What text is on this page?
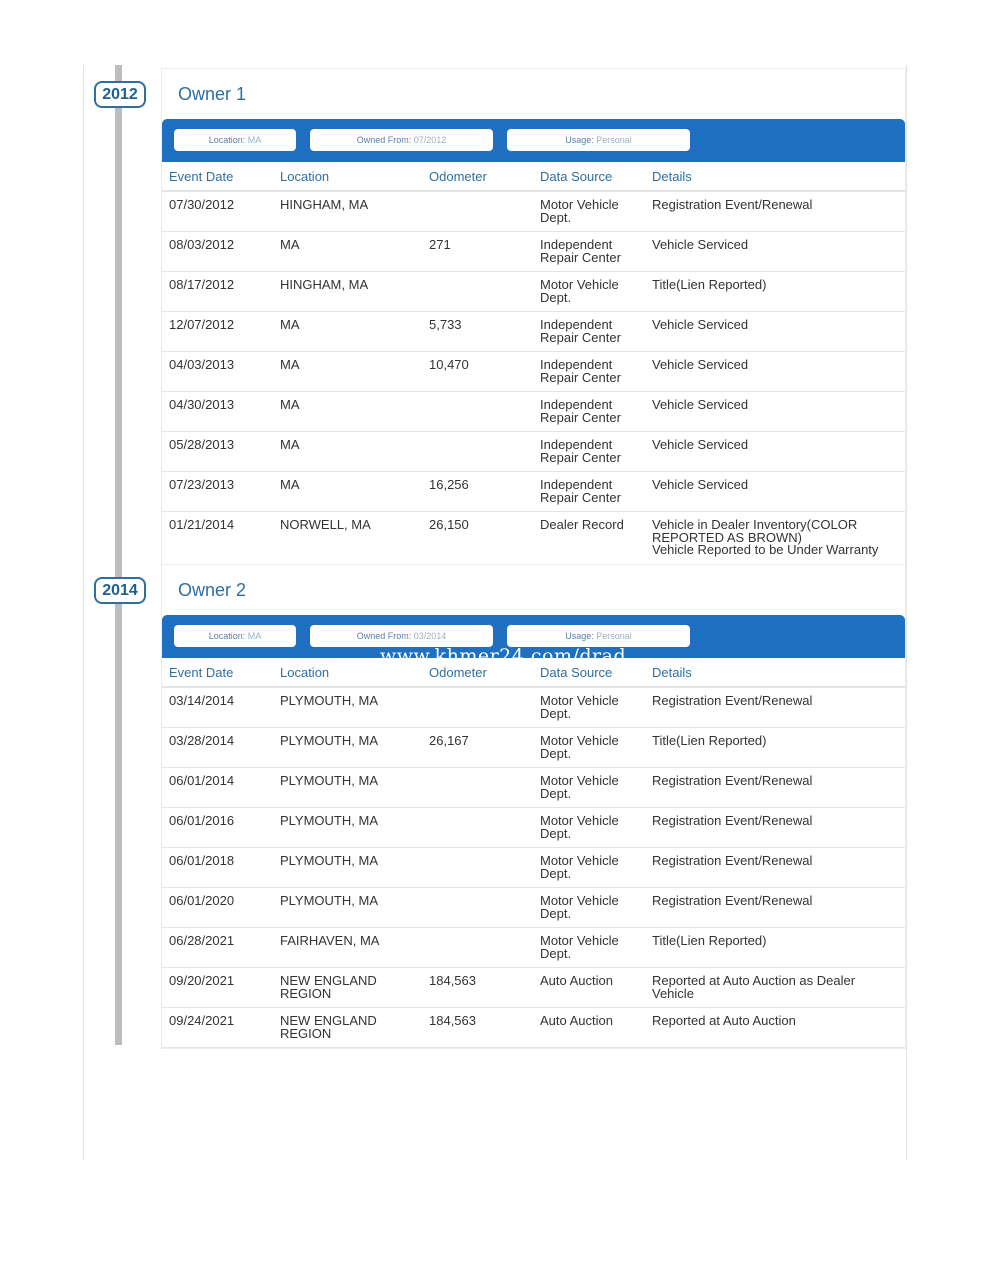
2012	Owner 1
Location: MA	Owned From: 07/2012	Usage: Personal
Event Date	Location	Odometer	Data Source	Details
07/30/2012	HINGHAM, MA		Motor Vehicle Dept.	Registration Event/Renewal
08/03/2012	MA	271	Independent Repair Center	Vehicle Serviced
08/17/2012	HINGHAM, MA		Motor Vehicle Dept.	Title(Lien Reported)
12/07/2012	MA	5,733	Independent Repair Center	Vehicle Serviced
04/03/2013	MA	10,470	Independent Repair Center	Vehicle Serviced
04/30/2013	MA		Independent Repair Center	Vehicle Serviced
05/28/2013	MA		Independent Repair Center	Vehicle Serviced
07/23/2013	MA	16,256	Independent Repair Center	Vehicle Serviced
01/21/2014	NORWELL, MA	26,150	Dealer Record	Vehicle in Dealer Inventory(COLOR REPORTED AS BROWN)
Vehicle Reported to be Under Warranty
2014	Owner 2
Location: MA	Owned From: 03/2014	Usage: Personal
Event Date	Location	Odometer	Data Source	Details
03/14/2014	PLYMOUTH, MA		Motor Vehicle Dept.	Registration Event/Renewal
03/28/2014	PLYMOUTH, MA	26,167	Motor Vehicle Dept.	Title(Lien Reported)
06/01/2014	PLYMOUTH, MA		Motor Vehicle Dept.	Registration Event/Renewal
06/01/2016	PLYMOUTH, MA		Motor Vehicle Dept.	Registration Event/Renewal
06/01/2018	PLYMOUTH, MA		Motor Vehicle Dept.	Registration Event/Renewal
06/01/2020	PLYMOUTH, MA		Motor Vehicle Dept.	Registration Event/Renewal
06/28/2021	FAIRHAVEN, MA		Motor Vehicle Dept.	Title(Lien Reported)
09/20/2021	NEW ENGLAND REGION	184,563	Auto Auction	Reported at Auto Auction as Dealer Vehicle
09/24/2021	NEW ENGLAND REGION	184,563	Auto Auction	Reported at Auto Auction
www.khmer24.com/drad
